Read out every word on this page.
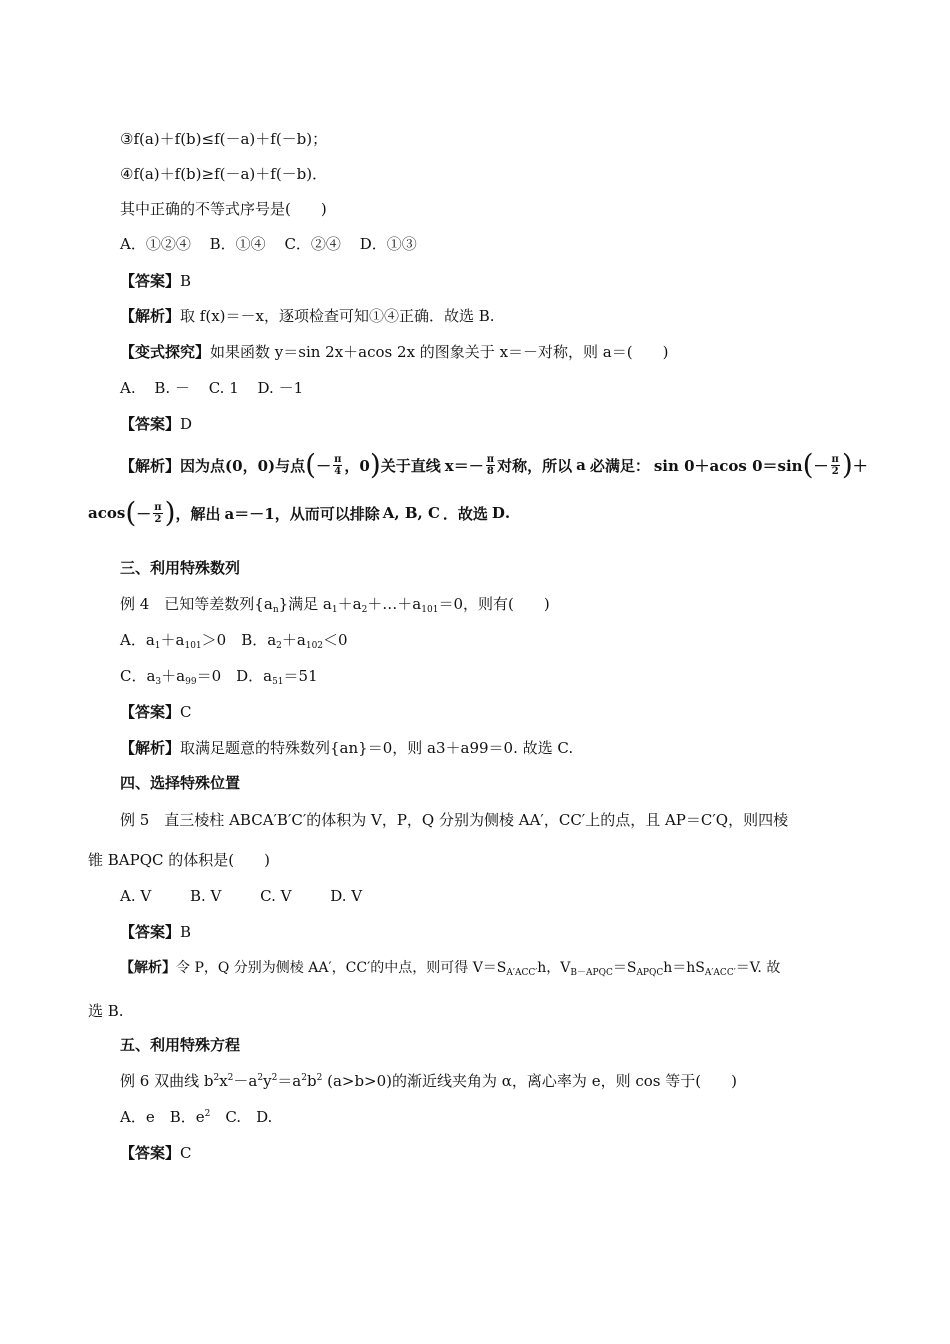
③f(a)＋f(b)≤f(－a)＋f(－b)；
④f(a)＋f(b)≥f(－a)＋f(－b)．
其中正确的不等式序号是(　　)
A．①②④ B．①④ C．②④ D．①③
【答案】B
【解析】取 f(x)＝－x，逐项检查可知①④正确．故选 B.
【变式探究】如果函数 y＝sin 2x＋acos 2x 的图象关于 x＝－对称，则 a＝(　　)
A. B. － C. 1 D. －1
【答案】D
【解析】 因为点 (0，0) 与点 ( － $\frac{\pi}{4}$ ，0 ) 关于直线 $x=- \frac{\pi}{8}$ 对称，所以 a 必满足： sin 0＋acos 0＝sin ( － $\frac{\pi}{2}$ ) ＋
acos ( － $\frac{\pi}{2}$ ) ，解出 a＝－1 ，从而可以排除 A, B, C ．故选 D .
三、利用特殊数列
例 4　已知等差数列$\{a_n\}$满足 $a_1+a_2+\dots+a_{101}=0$，则有(　　)
A．$a_1+a_{101}>0$　B．$a_2+a_{102}<0$
C．$a_3+a_{99}=0$　D．$a_{51}=51$
【答案】C
【解析】取满足题意的特殊数列{an}＝0，则 a3＋a99＝0. 故选 C.
四、选择特殊位置
例 5　直三棱柱 ABCA′B′C′的体积为 V，P，Q 分别为侧棱 AA′，CC′上的点，且 AP＝C′Q，则四棱
锥 BAPQC 的体积是(　　)
A. V	B. V	C. V	D. V
【答案】B
【解析】令 P，Q 分别为侧棱 AA′，CC′的中点，则可得 $V=S_{A'ACC'}h$，$V_{B-APQC}=S_{APQC}h=hS_{A'ACC'}=V$. 故
选 B.
五、利用特殊方程
例 6 双曲线 $b^2x^2-a^2y^2=a^2b^2$ (a>b>0)的渐近线夹角为 α，离心率为 e，则 cos 等于(　　)
A．e　B．$e^2$　C.　D.
【答案】C
